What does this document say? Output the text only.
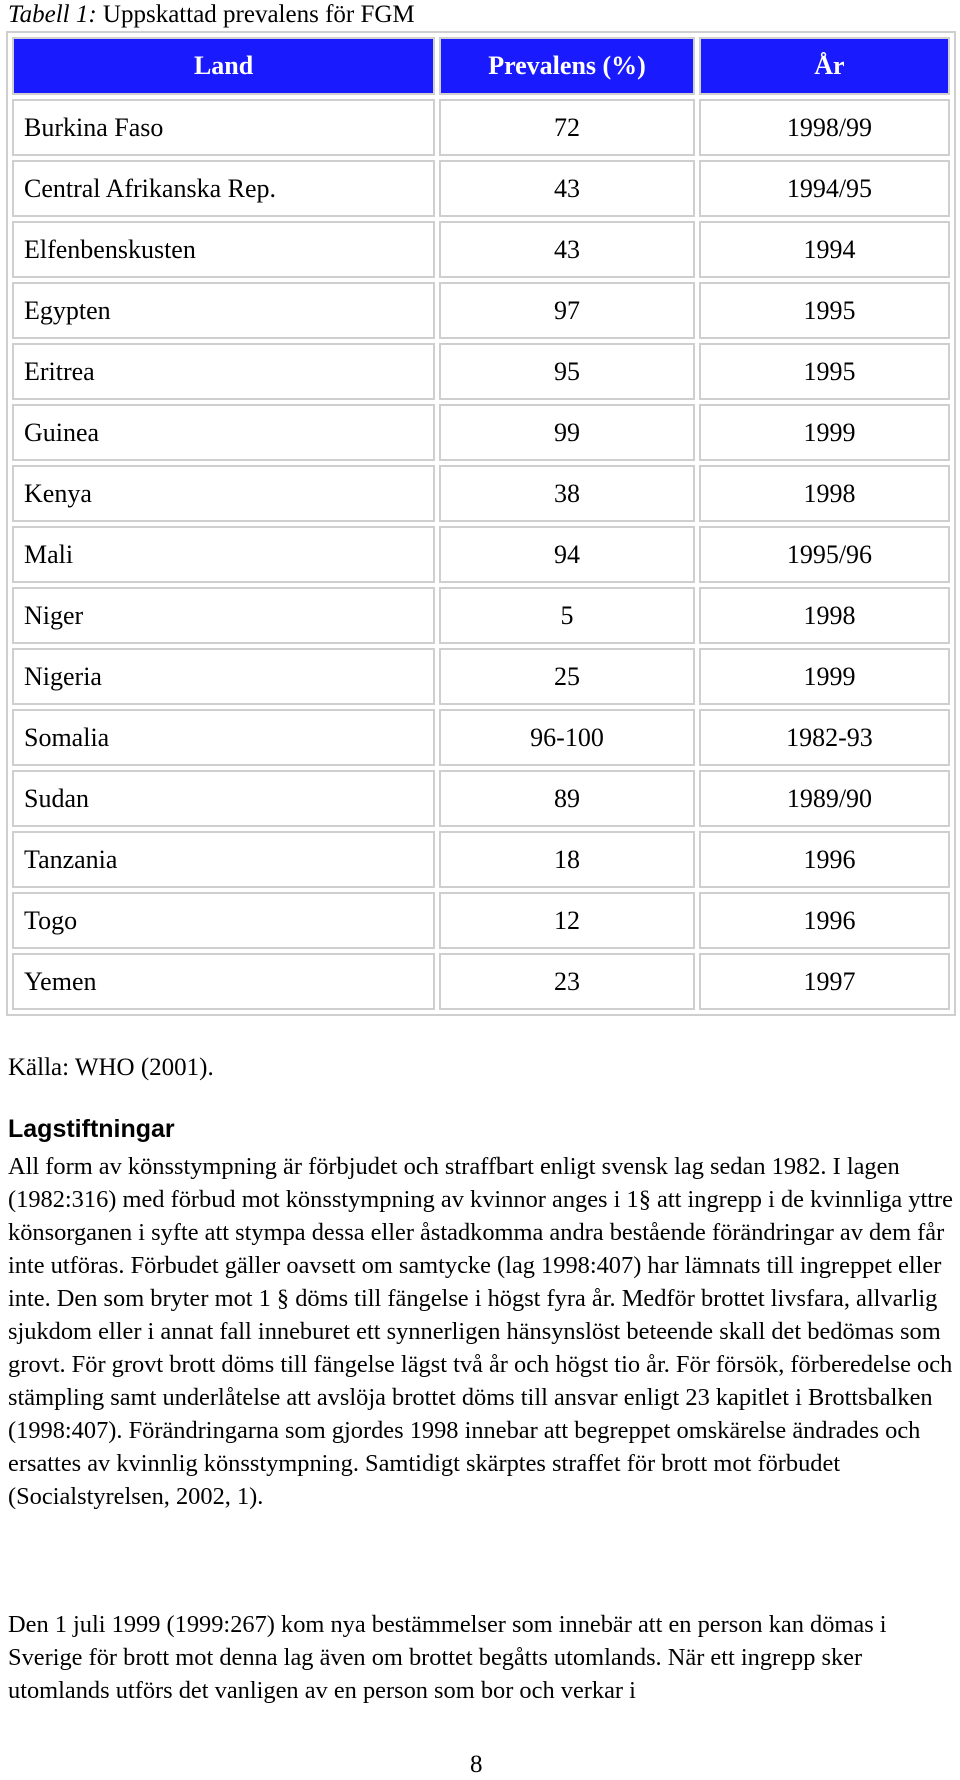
Tabell 1: Uppskattad prevalens för FGM
Land	Prevalens (%)	År
Burkina Faso	72	1998/99
Central Afrikanska Rep.	43	1994/95
Elfenbenskusten	43	1994
Egypten	97	1995
Eritrea	95	1995
Guinea	99	1999
Kenya	38	1998
Mali	94	1995/96
Niger	5	1998
Nigeria	25	1999
Somalia	96-100	1982-93
Sudan	89	1989/90
Tanzania	18	1996
Togo	12	1996
Yemen	23	1997
Källa: WHO (2001).
Lagstiftningar

All form av könsstympning är förbjudet och straffbart enligt svensk lag sedan 1982. I lagen (1982:316) med förbud mot könsstympning av kvinnor anges i 1§ att ingrepp i de kvinnliga yttre könsorganen i syfte att stympa dessa eller åstadkomma andra bestående förändringar av dem får inte utföras. Förbudet gäller oavsett om samtycke (lag 1998:407) har lämnats till ingreppet eller inte. Den som bryter mot 1 § döms till fängelse i högst fyra år. Medför brottet livsfara, allvarlig sjukdom eller i annat fall inneburet ett synnerligen hänsynslöst beteende skall det bedömas som grovt. För grovt brott döms till fängelse lägst två år och högst tio år. För försök, förberedelse och stämpling samt underlåtelse att avslöja brottet döms till ansvar enligt 23 kapitlet i Brottsbalken (1998:407). Förändringarna som gjordes 1998 innebar att begreppet omskärelse ändrades och ersattes av kvinnlig könsstympning. Samtidigt skärptes straffet för brott mot förbudet (Socialstyrelsen, 2002, 1).

Den 1 juli 1999 (1999:267) kom nya bestämmelser som innebär att en person kan dömas i Sverige för brott mot denna lag även om brottet begåtts utomlands. När ett ingrepp sker utomlands utförs det vanligen av en person som bor och verkar i

8
